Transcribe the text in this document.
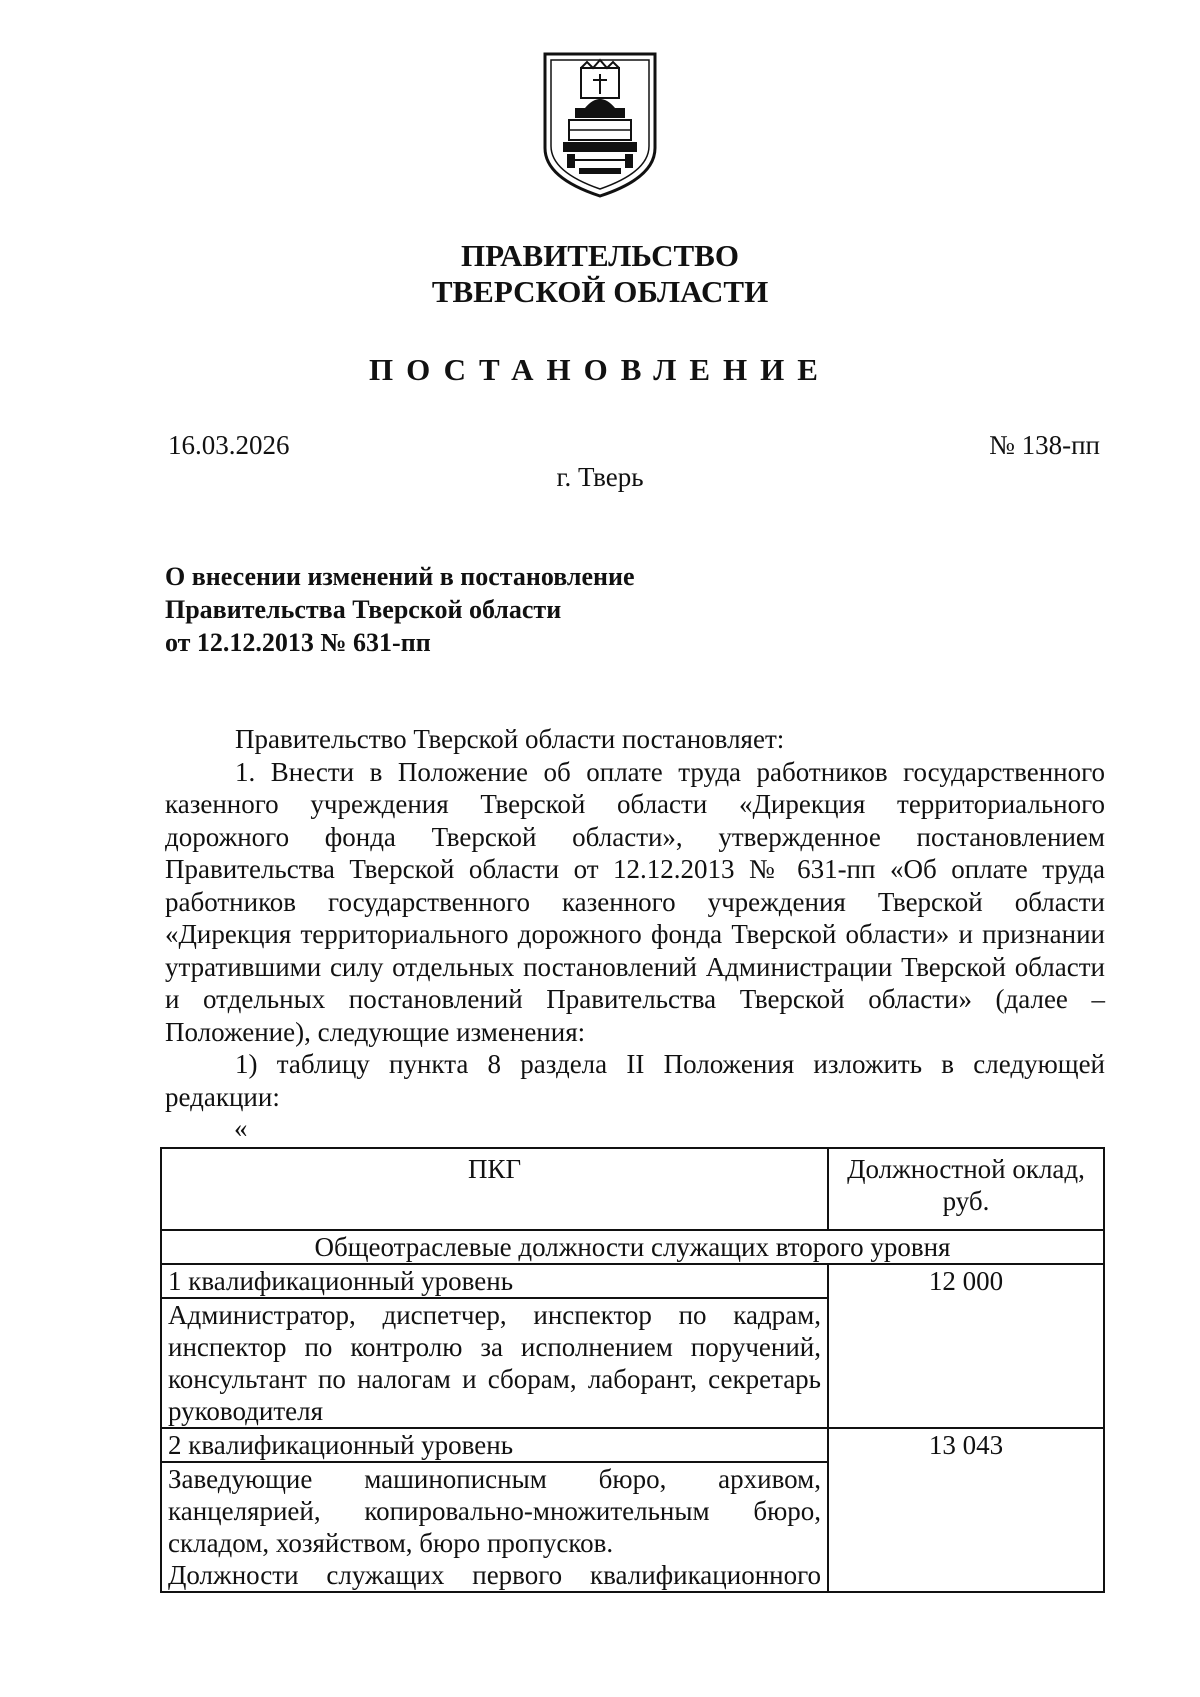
ПРАВИТЕЛЬСТВО
ТВЕРСКОЙ ОБЛАСТИ
ПОСТАНОВЛЕНИЕ
16.03.2026	№ 138-пп
г. Тверь
О внесении изменений в постановление
Правительства Тверской области
от 12.12.2013 № 631-пп
Правительство Тверской области постановляет:
1. Внести в Положение об оплате труда работников государственного казенного учреждения Тверской области «Дирекция территориального дорожного фонда Тверской области», утвержденное постановлением Правительства Тверской области от 12.12.2013 № 631-пп «Об оплате труда работников государственного казенного учреждения Тверской области «Дирекция территориального дорожного фонда Тверской области» и признании утратившими силу отдельных постановлений Администрации Тверской области и отдельных постановлений Правительства Тверской области» (далее – Положение), следующие изменения:
1) таблицу пункта 8 раздела II Положения изложить в следующей редакции:
«
ПКГ	Должностной оклад, руб.
Общеотраслевые должности служащих второго уровня	
1 квалификационный уровень	12 000
Администратор, диспетчер, инспектор по кадрам, инспектор по контролю за исполнением поручений, консультант по налогам и сборам, лаборант, секретарь руководителя	
2 квалификационный уровень	13 043

Заведующие машинописным бюро, архивом, канцелярией, копировально-множительным бюро, складом, хозяйством, бюро пропусков.
Должности служащих первого квалификационного	
